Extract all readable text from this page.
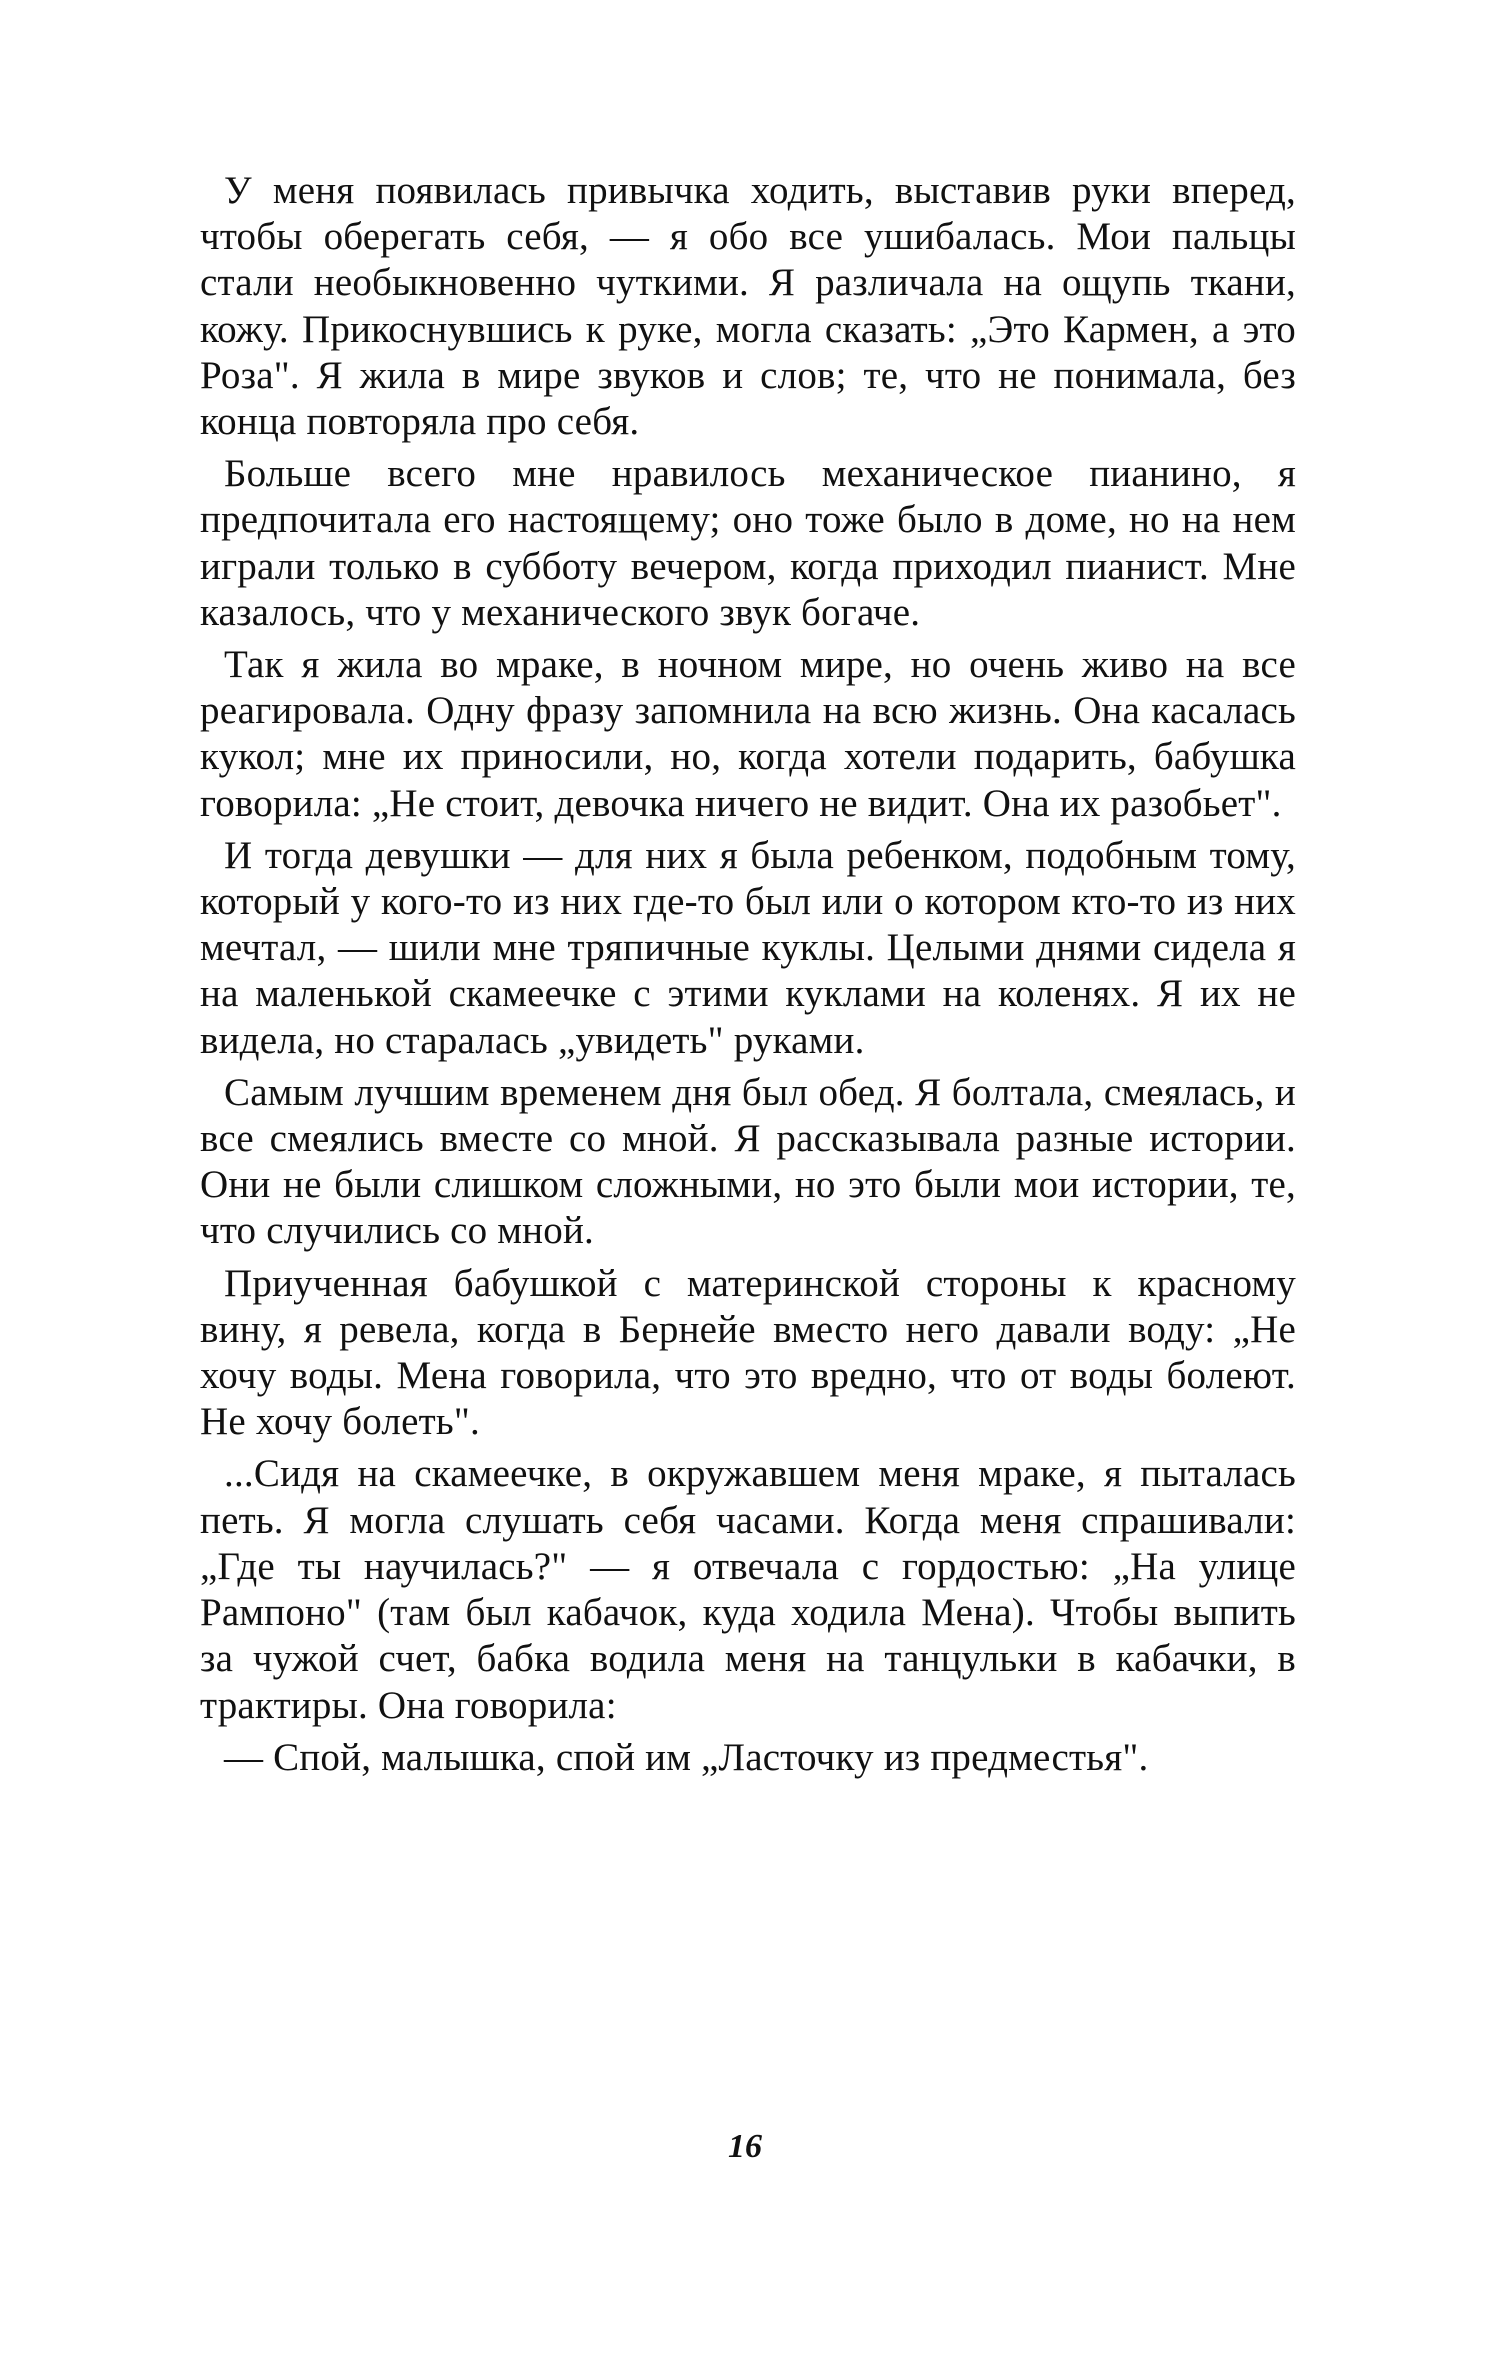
У меня появилась привычка ходить, выставив руки вперед, чтобы оберегать себя, — я обо все ушибалась. Мои пальцы стали необыкновенно чуткими. Я различала на ощупь ткани, кожу. Прикоснувшись к руке, могла сказать: „Это Кармен, а это Роза". Я жила в мире звуков и слов; те, что не понимала, без конца повторяла про себя.

Больше всего мне нравилось механическое пианино, я предпочитала его настоящему; оно тоже было в доме, но на нем играли только в субботу вечером, когда приходил пианист. Мне казалось, что у механического звук богаче.

Так я жила во мраке, в ночном мире, но очень живо на все реагировала. Одну фразу запомнила на всю жизнь. Она касалась кукол; мне их приносили, но, когда хотели подарить, бабушка говорила: „Не стоит, девочка ничего не видит. Она их разобьет".

И тогда девушки — для них я была ребенком, подобным тому, который у кого-то из них где-то был или о котором кто-то из них мечтал, — шили мне тряпичные куклы. Целыми днями сидела я на маленькой скамеечке с этими куклами на коленях. Я их не видела, но старалась „увидеть" руками.

Самым лучшим временем дня был обед. Я болтала, смеялась, и все смеялись вместе со мной. Я рассказывала разные истории. Они не были слишком сложными, но это были мои истории, те, что случились со мной.

Приученная бабушкой с материнской стороны к красному вину, я ревела, когда в Бернейе вместо него давали воду: „Не хочу воды. Мена говорила, что это вредно, что от воды болеют. Не хочу болеть".

...Сидя на скамеечке, в окружавшем меня мраке, я пыталась петь. Я могла слушать себя часами. Когда меня спрашивали: „Где ты научилась?" — я отвечала с гордостью: „На улице Рампоно" (там был кабачок, куда ходила Мена). Чтобы выпить за чужой счет, бабка водила меня на танцульки в кабачки, в трактиры. Она говорила:

— Спой, малышка, спой им „Ласточку из предместья".

16
